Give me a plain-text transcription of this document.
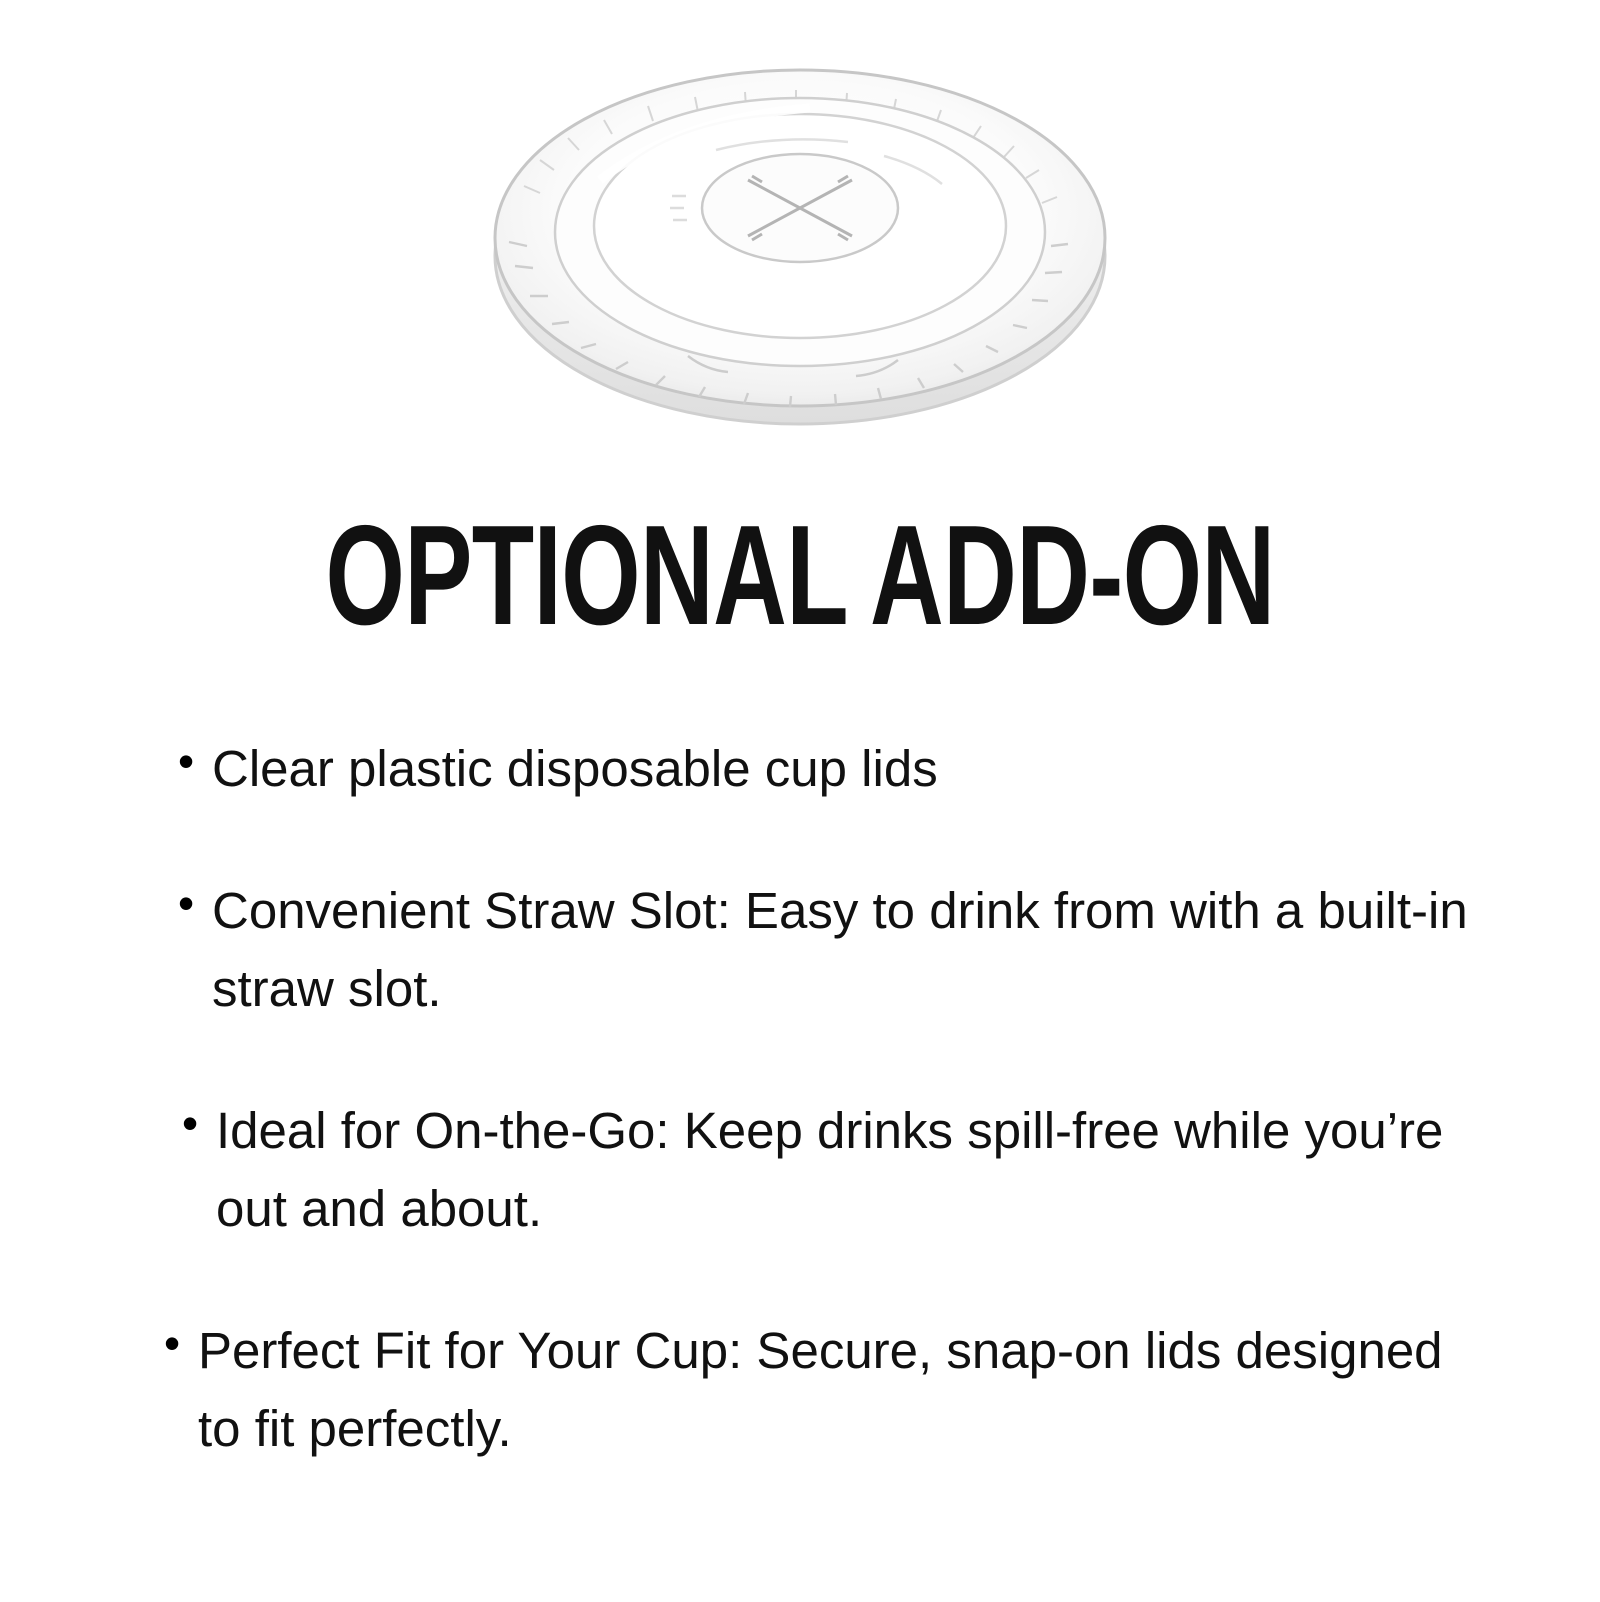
OPTIONAL ADD-ON
• Clear plastic disposable cup lids
• Convenient Straw Slot: Easy to drink from with a built-in straw slot.
• Ideal for On-the-Go: Keep drinks spill-free while you’re out and about.
• Perfect Fit for Your Cup: Secure, snap-on lids designed to fit perfectly.
